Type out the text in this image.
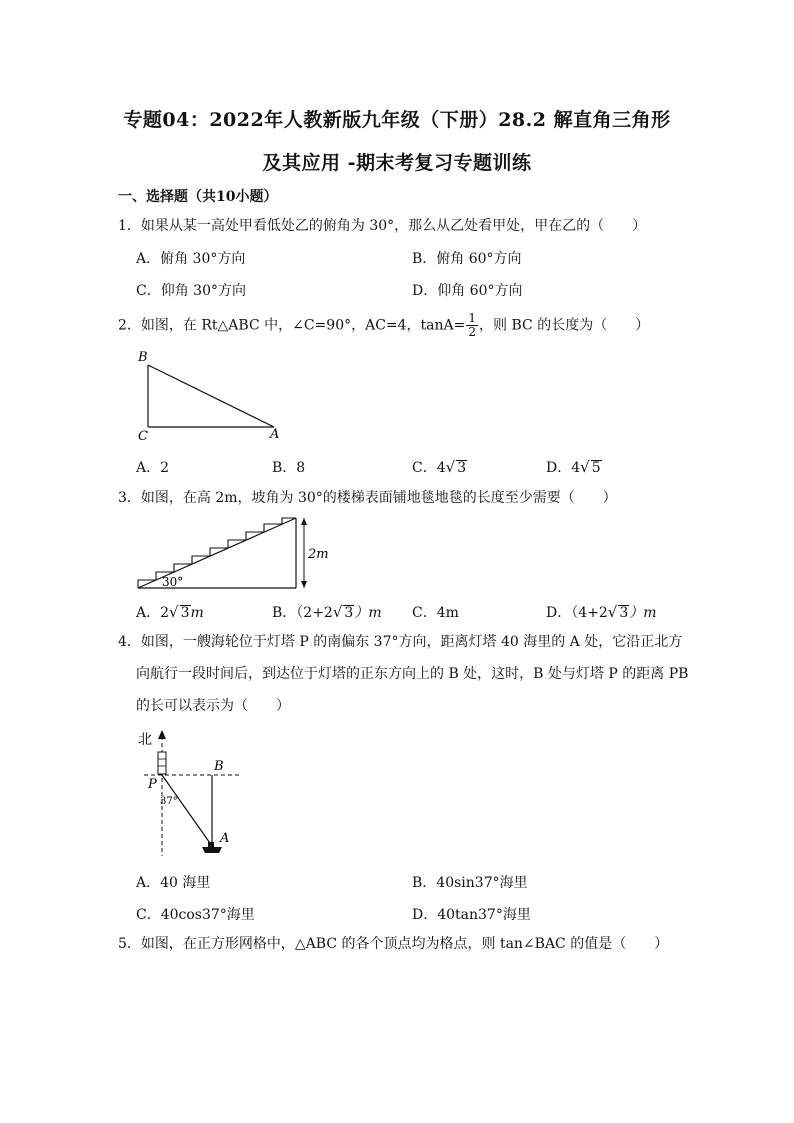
专题04：2022年人教新版九年级（下册）28.2 解直角三角形
及其应用 -期末考复习专题训练
一、选择题（共10小题）
1．如果从某一高处甲看低处乙的俯角为 30°，那么从乙处看甲处，甲在乙的（　　）
A．俯角 30°方向	B．俯角 60°方向
C．仰角 30°方向	D．仰角 60°方向
2．如图，在 Rt△ABC 中，∠C=90°，AC=4，$\tan A= \frac{1}{2}$ ，则 BC 的长度为（　　）
B
C	A
A．2	B．8	C．4√ 3	D．4√ 5
3．如图，在高 2m，坡角为 30°的楼梯表面铺地毯地毯的长度至少需要（　　）
2m
30°
A．2√ 3m	B．（2+2√ 3）m C．4m	D．（4+2√ 3）m
4．如图，一艘海轮位于灯塔 P 的南偏东 37°方向，距离灯塔 40 海里的 A 处，它沿正北方
向航行一段时间后，到达位于灯塔的正东方向上的 B 处，这时，B 处与灯塔 P 的距离 PB
的长可以表示为（　　）
北
B
P
A
37°
A．40 海里	B．40sin37°海里
C．40cos37°海里	D．40tan37°海里
5．如图，在正方形网格中，△ABC 的各个顶点均为格点，则 tan∠BAC 的值是（　　）
